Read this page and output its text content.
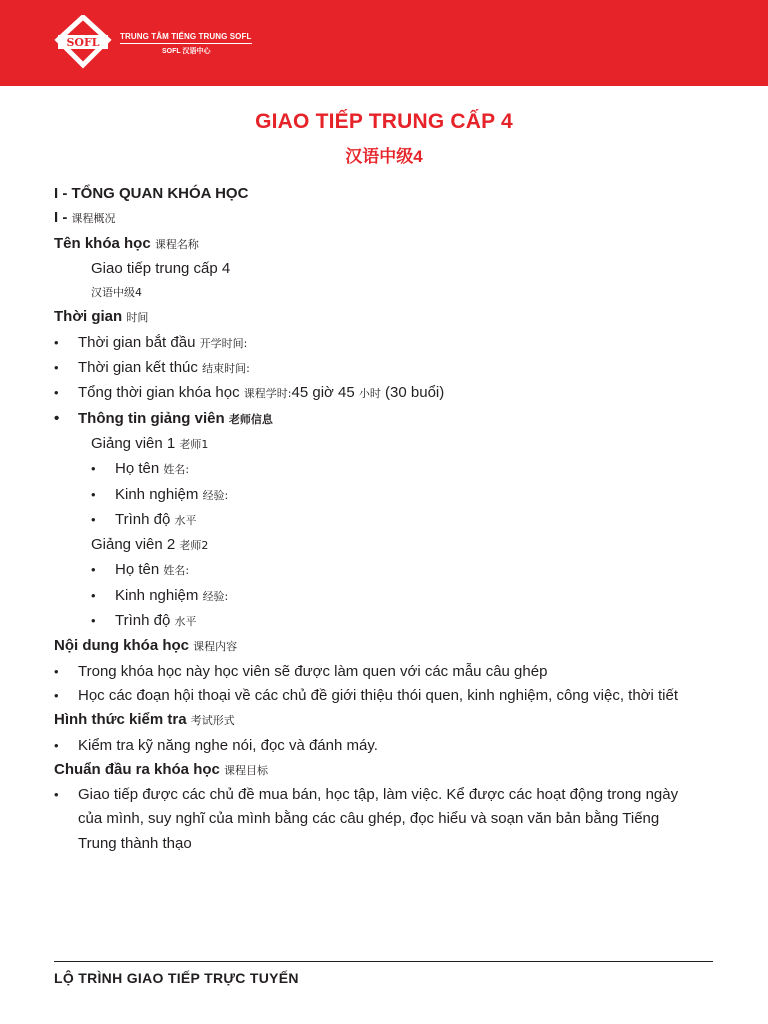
SOFL	TRUNG TÂM TIẾNG TRUNG SOFL
SOFL 汉语中心
GIAO TIẾP TRUNG CẤP 4
汉语中级4
I - TỔNG QUAN KHÓA HỌC
I - 课程概况
Tên khóa học 课程名称
Giao tiếp trung cấp 4
汉语中级4
Thời gian 时间
• Thời gian bắt đầu 开学时间:
• Thời gian kết thúc 结束时间:
• Tổng thời gian khóa học 课程学时:45 giờ 45 小时 (30 buổi)
• Thông tin giảng viên 老师信息
Giảng viên 1 老师1
• Họ tên 姓名:
• Kinh nghiệm 经验:
• Trình độ 水平
Giảng viên 2 老师2
• Họ tên 姓名:
• Kinh nghiệm 经验:
• Trình độ 水平
Nội dung khóa học 课程内容
• Trong khóa học này học viên sẽ được làm quen với các mẫu câu ghép
• Học các đoạn hội thoại về các chủ đề giới thiệu thói quen, kinh nghiệm, công việc, thời tiết
Hình thức kiểm tra 考试形式
• Kiểm tra kỹ năng nghe nói, đọc và đánh máy.
Chuẩn đầu ra khóa học 课程目标
• Giao tiếp được các chủ đề mua bán, học tập, làm việc. Kể được các hoạt động trong ngày của mình, suy nghĩ của mình bằng các câu ghép, đọc hiểu và soạn văn bản bằng Tiếng Trung thành thạo
LỘ TRÌNH GIAO TIẾP TRỰC TUYẾN
